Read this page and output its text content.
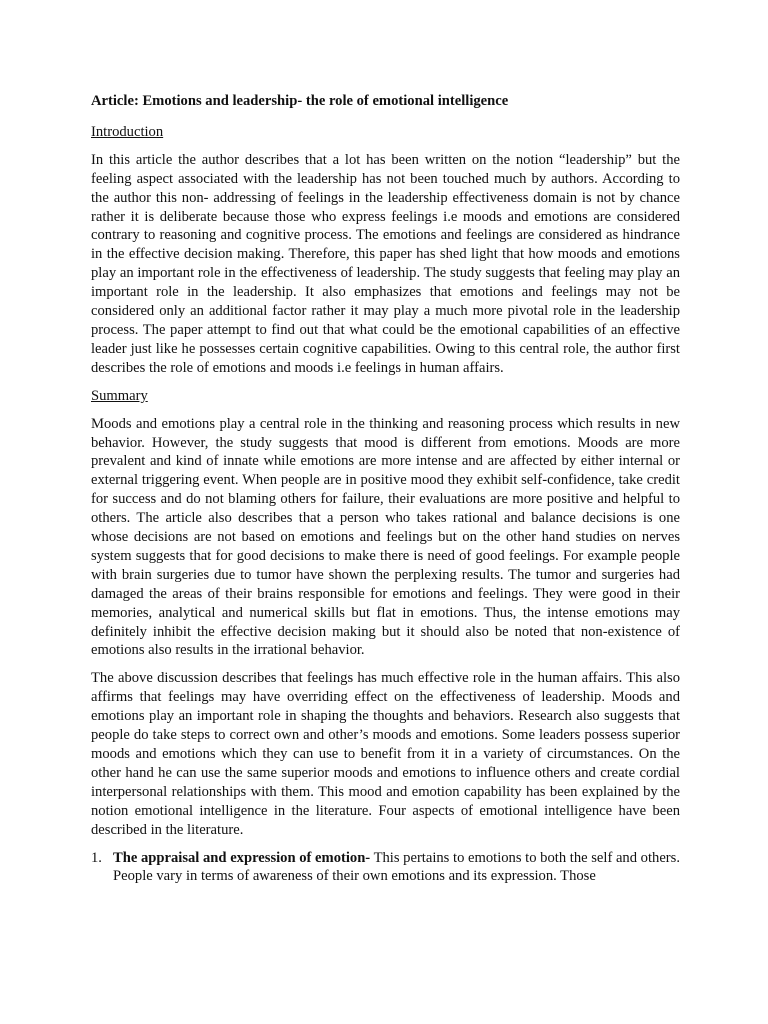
Article: Emotions and leadership- the role of emotional intelligence
Introduction

In this article the author describes that a lot has been written on the notion “leadership” but the feeling aspect associated with the leadership has not been touched much by authors. According to the author this non- addressing of feelings in the leadership effectiveness domain is not by chance rather it is deliberate because those who express feelings i.e moods and emotions are considered contrary to reasoning and cognitive process. The emotions and feelings are considered as hindrance in the effective decision making. Therefore, this paper has shed light that how moods and emotions play an important role in the effectiveness of leadership. The study suggests that feeling may play an important role in the leadership. It also emphasizes that emotions and feelings may not be considered only an additional factor rather it may play a much more pivotal role in the leadership process. The paper attempt to find out that what could be the emotional capabilities of an effective leader just like he possesses certain cognitive capabilities. Owing to this central role, the author first describes the role of emotions and moods i.e feelings in human affairs.

Summary

Moods and emotions play a central role in the thinking and reasoning process which results in new behavior. However, the study suggests that mood is different from emotions. Moods are more prevalent and kind of innate while emotions are more intense and are affected by either internal or external triggering event. When people are in positive mood they exhibit self-confidence, take credit for success and do not blaming others for failure, their evaluations are more positive and helpful to others. The article also describes that a person who takes rational and balance decisions is one whose decisions are not based on emotions and feelings but on the other hand studies on nerves system suggests that for good decisions to make there is need of good feelings. For example people with brain surgeries due to tumor have shown the perplexing results. The tumor and surgeries had damaged the areas of their brains responsible for emotions and feelings. They were good in their memories, analytical and numerical skills but flat in emotions. Thus, the intense emotions may definitely inhibit the effective decision making but it should also be noted that non-existence of emotions also results in the irrational behavior.

The above discussion describes that feelings has much effective role in the human affairs. This also affirms that feelings may have overriding effect on the effectiveness of leadership. Moods and emotions play an important role in shaping the thoughts and behaviors. Research also suggests that people do take steps to correct own and other’s moods and emotions. Some leaders possess superior moods and emotions which they can use to benefit from it in a variety of circumstances. On the other hand he can use the same superior moods and emotions to influence others and create cordial interpersonal relationships with them. This mood and emotion capability has been explained by the notion emotional intelligence in the literature. Four aspects of emotional intelligence have been described in the literature.

1. The appraisal and expression of emotion- This pertains to emotions to both the self and others. People vary in terms of awareness of their own emotions and its expression. Those
